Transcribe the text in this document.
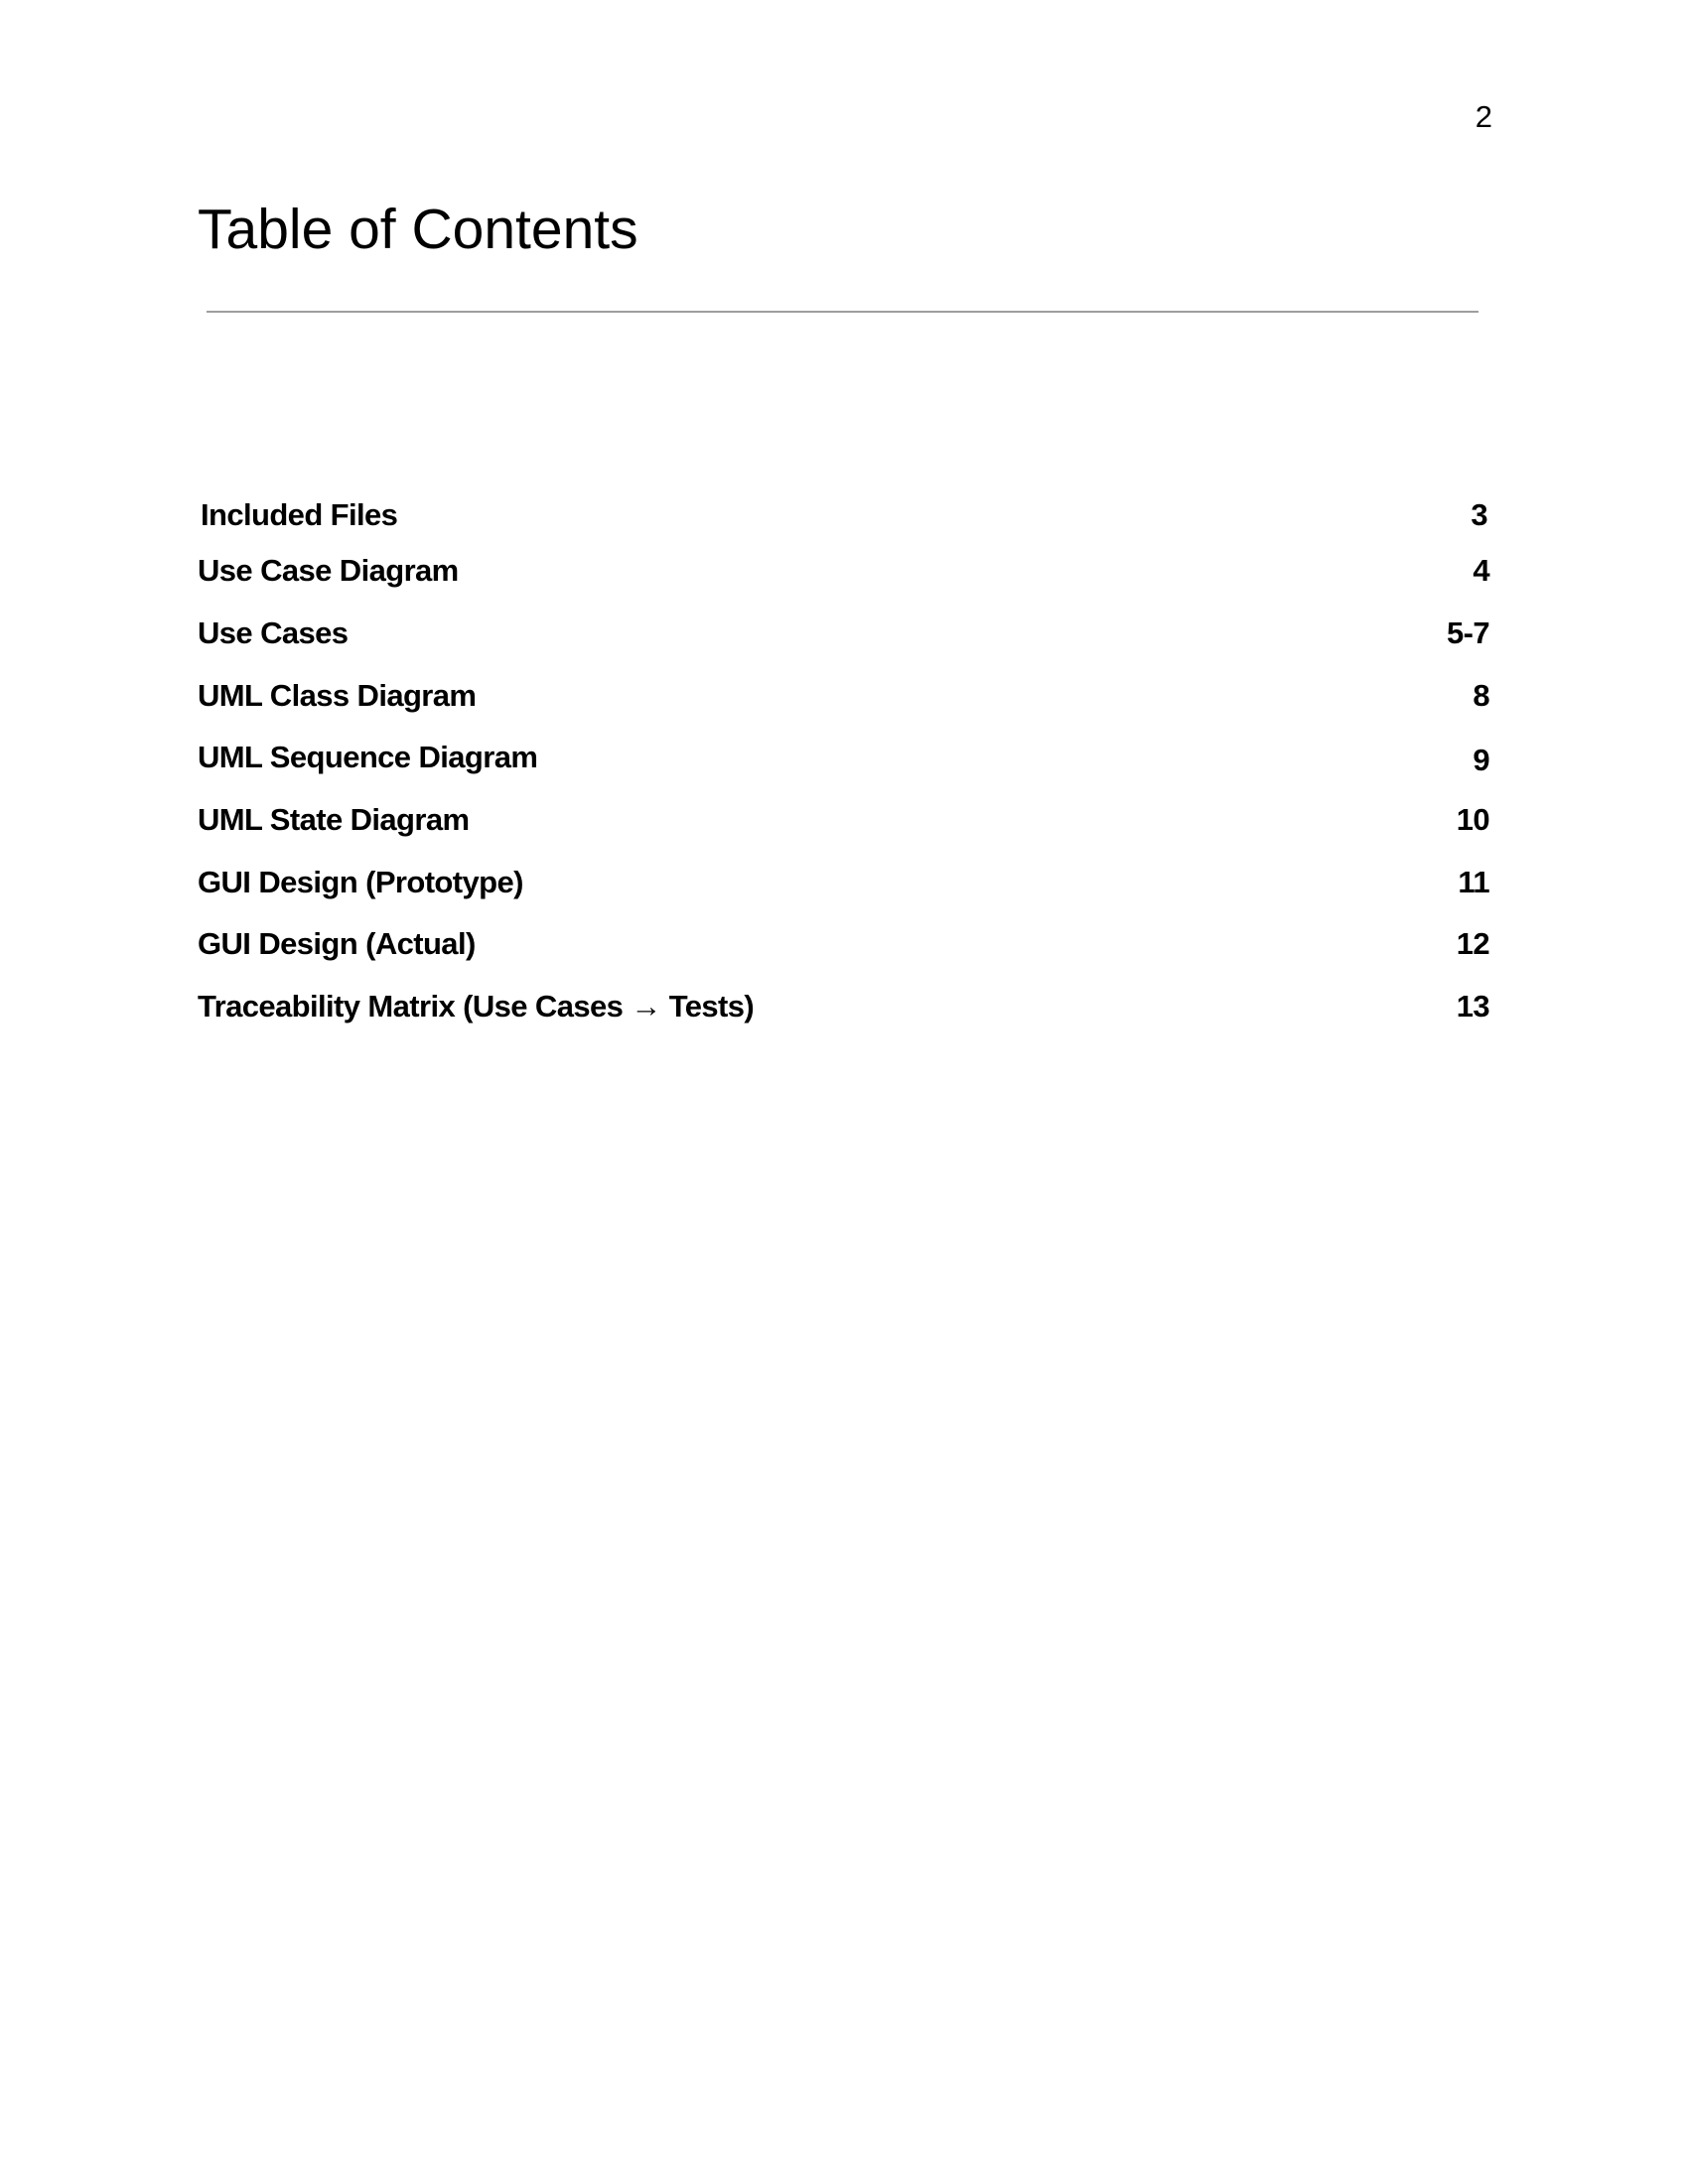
2
Table of Contents
Included Files	3
Use Case Diagram	4
Use Cases	5-7
UML Class Diagram	8
UML Sequence Diagram	9
UML State Diagram	10
GUI Design (Prototype)	11
GUI Design (Actual)	12
Traceability Matrix (Use Cases → Tests)	13
